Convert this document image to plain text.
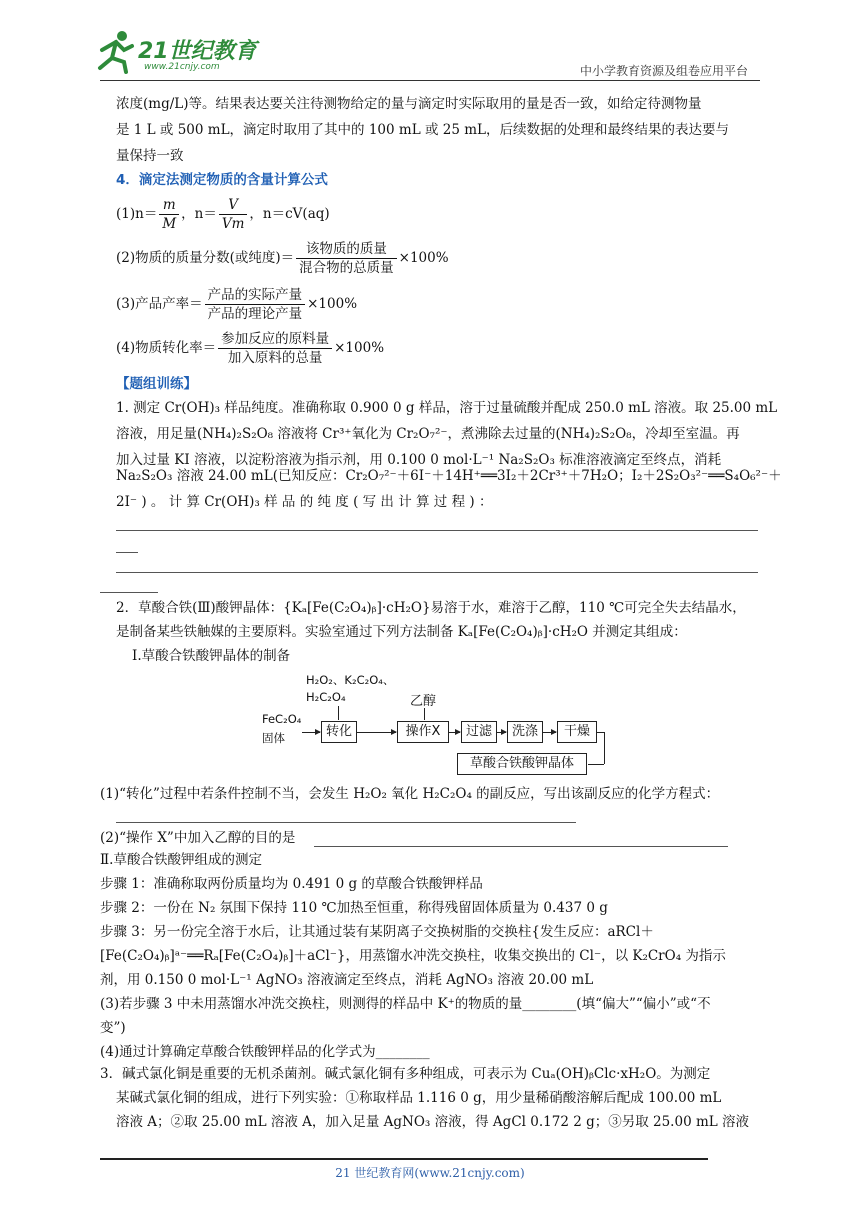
21世纪教育
www.21cnjy.com	中小学教育资源及组卷应用平台
浓度(mg/L)等。结果表达要关注待测物给定的量与滴定时实际取用的量是否一致，如给定待测物量
是 1 L 或 500 mL，滴定时取用了其中的 100 mL 或 25 mL，后续数据的处理和最终结果的表达要与
量保持一致
4．滴定法测定物质的含量计算公式
$(1)n= \frac{m}{M}$ ，$n= \frac{V}{Vm}$ ，n＝cV(aq)
(2)物质的质量分数(或纯度)＝ $\frac{\text{该物质的质量}}{\text{混合物的总质量}} \times 100\%$
(3)产品产率＝ $\frac{\text{产品的实际产量}}{\text{产品的理论产量}} \times 100\%$
(4)物质转化率＝ $\frac{\text{参加反应的原料量}}{\text{加入原料的总量}} \times 100\%$
【题组训练】
1. 测定 Cr(OH)₃ 样品纯度。准确称取 0.900 0 g 样品，溶于过量硫酸并配成 250.0 mL 溶液。取 25.00 mL
溶液，用足量(NH₄)₂S₂O₈ 溶液将 Cr³⁺氧化为 Cr₂O₇²⁻，煮沸除去过量的(NH₄)₂S₂O₈，冷却至室温。再
加入过量 KI 溶液，以淀粉溶液为指示剂，用 0.100 0 mol·L⁻¹ Na₂S₂O₃ 标准溶液滴定至终点，消耗
Na₂S₂O₃ 溶液 24.00 mL(已知反应：Cr₂O₇²⁻＋6I⁻＋14H⁺══3I₂＋2Cr³⁺＋7H₂O；I₂＋2S₂O₃²⁻══S₄O₆²⁻＋
2I⁻ ) 。 计 算 Cr(OH)₃ 样 品 的 纯 度 ( 写 出 计 算 过 程 ) ：
2．草酸合铁(Ⅲ)酸钾晶体：{Kₐ[Fe(C₂O₄)ᵦ]·cH₂O}易溶于水，难溶于乙醇，110 ℃可完全失去结晶水，
是制备某些铁触媒的主要原料。实验室通过下列方法制备 Kₐ[Fe(C₂O₄)ᵦ]·cH₂O 并测定其组成：
Ⅰ.草酸合铁酸钾晶体的制备
H₂O₂、K₂C₂O₄、
H₂C₂O₄	乙醇
FeC₂O₄
固体	转化	操作X	过滤	洗涤	干燥
草酸合铁酸钾晶体
(1)“转化”过程中若条件控制不当，会发生 H₂O₂ 氧化 H₂C₂O₄ 的副反应，写出该副反应的化学方程式：
(2)“操作 X”中加入乙醇的目的是
Ⅱ.草酸合铁酸钾组成的测定
步骤 1：准确称取两份质量均为 0.491 0 g 的草酸合铁酸钾样品
步骤 2：一份在 N₂ 氛围下保持 110 ℃加热至恒重，称得残留固体质量为 0.437 0 g
步骤 3：另一份完全溶于水后，让其通过装有某阴离子交换树脂的交换柱{发生反应：aRCl＋
[Fe(C₂O₄)ᵦ]ᵃ⁻══Rₐ[Fe(C₂O₄)ᵦ]＋aCl⁻}，用蒸馏水冲洗交换柱，收集交换出的 Cl⁻，以 K₂CrO₄ 为指示
剂，用 0.150 0 mol·L⁻¹ AgNO₃ 溶液滴定至终点，消耗 AgNO₃ 溶液 20.00 mL
(3)若步骤 3 中未用蒸馏水冲洗交换柱，则测得的样品中 K⁺的物质的量________(填“偏大”“偏小”或“不
变”)
(4)通过计算确定草酸合铁酸钾样品的化学式为________
3．碱式氯化铜是重要的无机杀菌剂。碱式氯化铜有多种组成，可表示为 Cuₐ(OH)ᵦClc·xH₂O。为测定
某碱式氯化铜的组成，进行下列实验：①称取样品 1.116 0 g，用少量稀硝酸溶解后配成 100.00 mL
溶液 A；②取 25.00 mL 溶液 A，加入足量 AgNO₃ 溶液，得 AgCl 0.172 2 g；③另取 25.00 mL 溶液
21 世纪教育网(www.21cnjy.com)
